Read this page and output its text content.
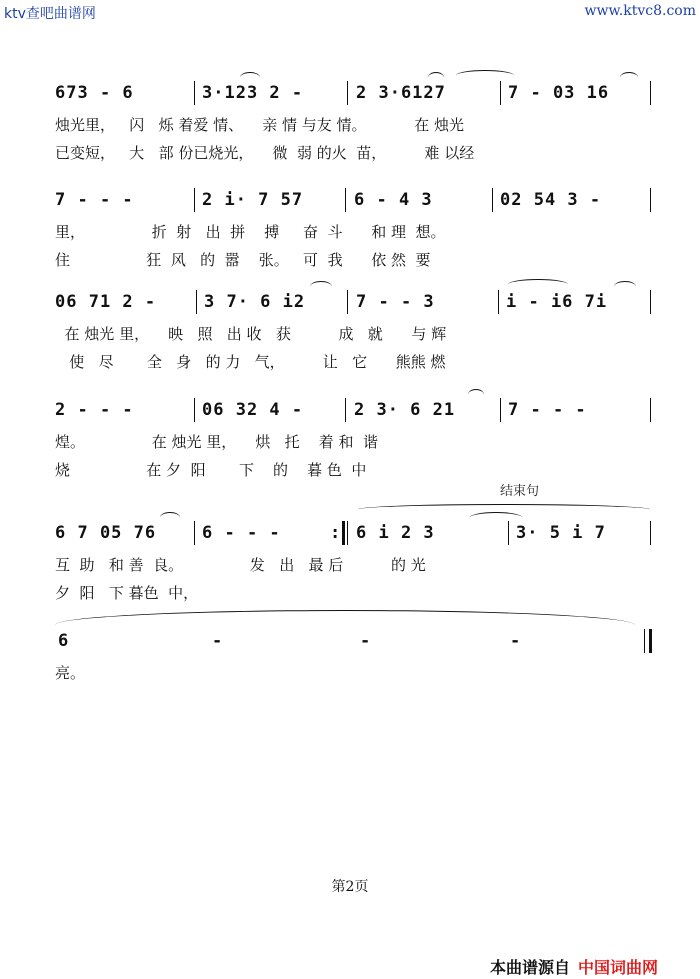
ktv查吧曲谱网	www.ktvc8.com
673 - 6	3·123 2 -	2 3·6127	7 - 03 16
烛光里，   闪   烁 着爱 情、    亲 情 与友 情。          在 烛光
已变短，   大   部 份已烧光，    微  弱 的火  苗，        难 以经
7 - - -	2 i· 7 57	6 - 4 3	02 54 3 -
里，              折  射   出  拼    搏     奋  斗      和 理  想。
住                狂  风   的  嚣    张。   可  我      依 然  要
06 71 2 -	3 7· 6 i2	7 - - 3	i - i6 7i
在 烛光 里，    映   照   出 收   获          成   就      与 辉
使   尽       全   身   的 力   气，        让   它      熊熊 燃
2 - - -	06 32 4 -	2 3· 6 21	7 - - -
煌。              在 烛光 里，    烘   托    着 和  谐
烧                在 夕  阳       下    的    暮 色  中
结束句
6 7 05 76	6 - - -	: 6 i 2 3	3· 5 i 7
互  助   和 善  良。              发   出   最 后          的 光
夕  阳   下 暮色  中，
6	-	-	-
亮。
第2页
本曲谱源自 中国词曲网
